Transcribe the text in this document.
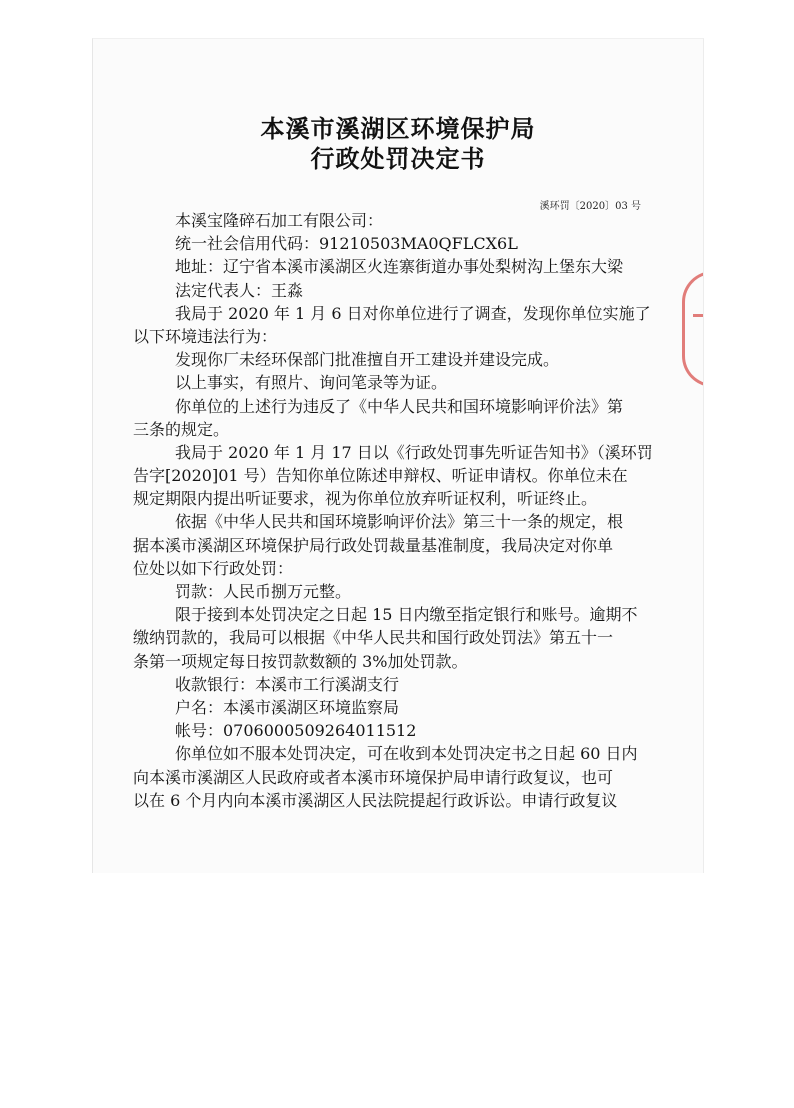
本溪市溪湖区环境保护局
行政处罚决定书
溪环罚〔2020〕03 号
本溪宝隆碎石加工有限公司：
统一社会信用代码：91210503MA0QFLCX6L
地址：辽宁省本溪市溪湖区火连寨街道办事处梨树沟上堡东大梁
法定代表人：王淼
我局于 2020 年 1 月 6 日对你单位进行了调查，发现你单位实施了
以下环境违法行为：
发现你厂未经环保部门批准擅自开工建设并建设完成。
以上事实，有照片、询问笔录等为证。
你单位的上述行为违反了《中华人民共和国环境影响评价法》第
三条的规定。
我局于 2020 年 1 月 17 日以《行政处罚事先听证告知书》（溪环罚
告字[2020]01 号）告知你单位陈述申辩权、听证申请权。你单位未在
规定期限内提出听证要求，视为你单位放弃听证权利，听证终止。
依据《中华人民共和国环境影响评价法》第三十一条的规定，根
据本溪市溪湖区环境保护局行政处罚裁量基准制度，我局决定对你单
位处以如下行政处罚：
罚款：人民币捌万元整。
限于接到本处罚决定之日起 15 日内缴至指定银行和账号。逾期不
缴纳罚款的，我局可以根据《中华人民共和国行政处罚法》第五十一
条第一项规定每日按罚款数额的 3%加处罚款。
收款银行：本溪市工行溪湖支行
户名：本溪市溪湖区环境监察局
帐号：0706000509264011512
你单位如不服本处罚决定，可在收到本处罚决定书之日起 60 日内
向本溪市溪湖区人民政府或者本溪市环境保护局申请行政复议，也可
以在 6 个月内向本溪市溪湖区人民法院提起行政诉讼。申请行政复议
